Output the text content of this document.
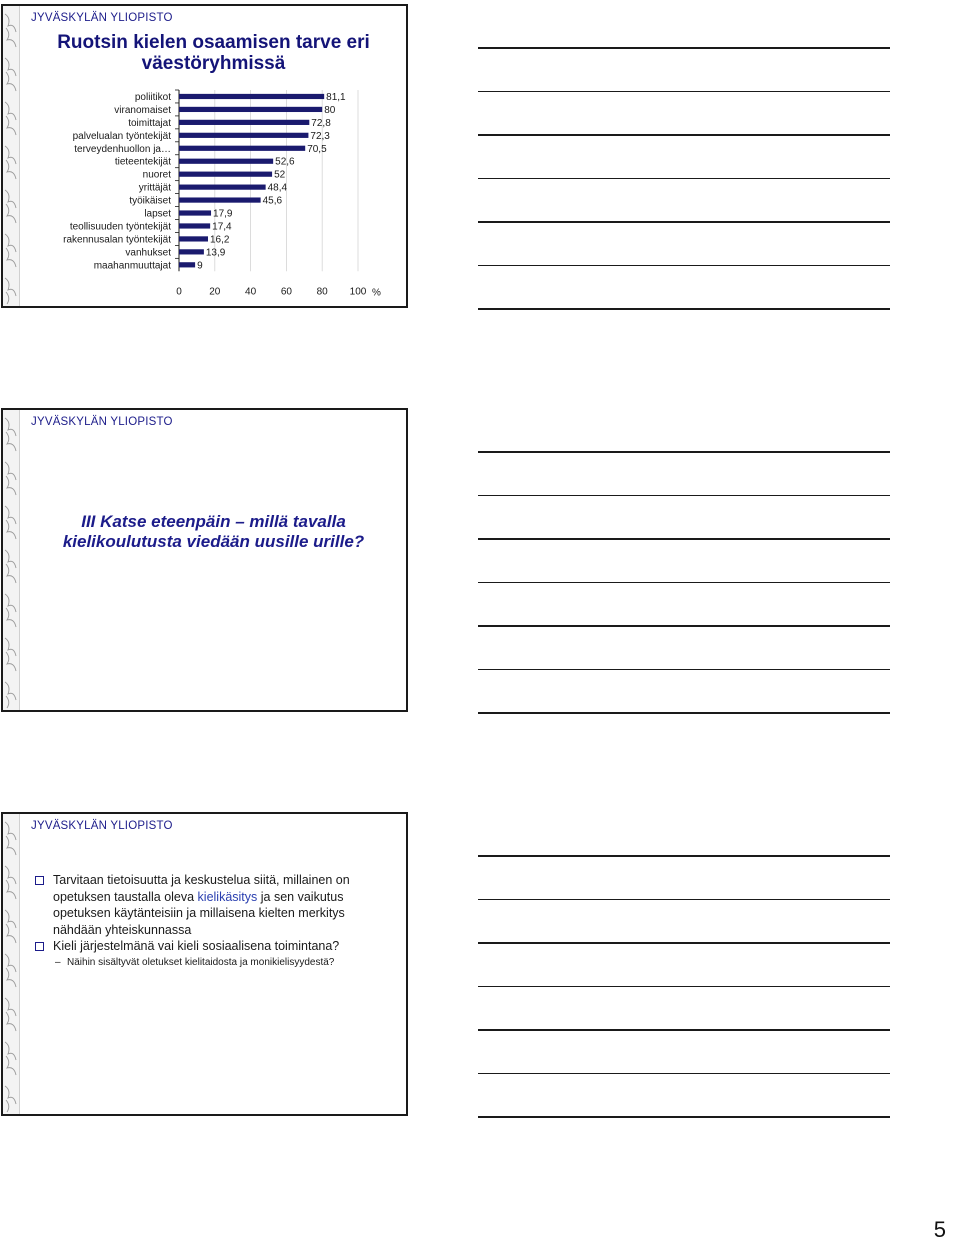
JYVÄSKYLÄN YLIOPISTO
Ruotsin kielen osaamisen tarve eri
väestöryhmissä
0	20 40 60 80 100 %
poliitikot	81,1
viranomaiset	80
toimittajat	72,8
palvelualan työntekijät	72,3
terveydenhuollon ja…	70,5
tieteentekijät	52,6
nuoret	52
yrittäjät	48,4
työikäiset	45,6
lapset	17,9
teollisuuden työntekijät	17,4
rakennusalan työntekijät	16,2
vanhukset	13,9
maahanmuuttajat	9
JYVÄSKYLÄN YLIOPISTO
III Katse eteenpäin – millä tavalla
kielikoulutusta viedään uusille urille?
JYVÄSKYLÄN YLIOPISTO
Tarvitaan tietoisuutta ja keskustelua siitä, millainen on
opetuksen taustalla oleva kielikäsitys ja sen vaikutus
opetuksen käytänteisiin ja millaisena kielten merkitys
nähdään yhteiskunnassa
Kieli järjestelmänä vai kieli sosiaalisena toimintana?
– Näihin sisältyvät oletukset kielitaidosta ja monikielisyydestä?
5
